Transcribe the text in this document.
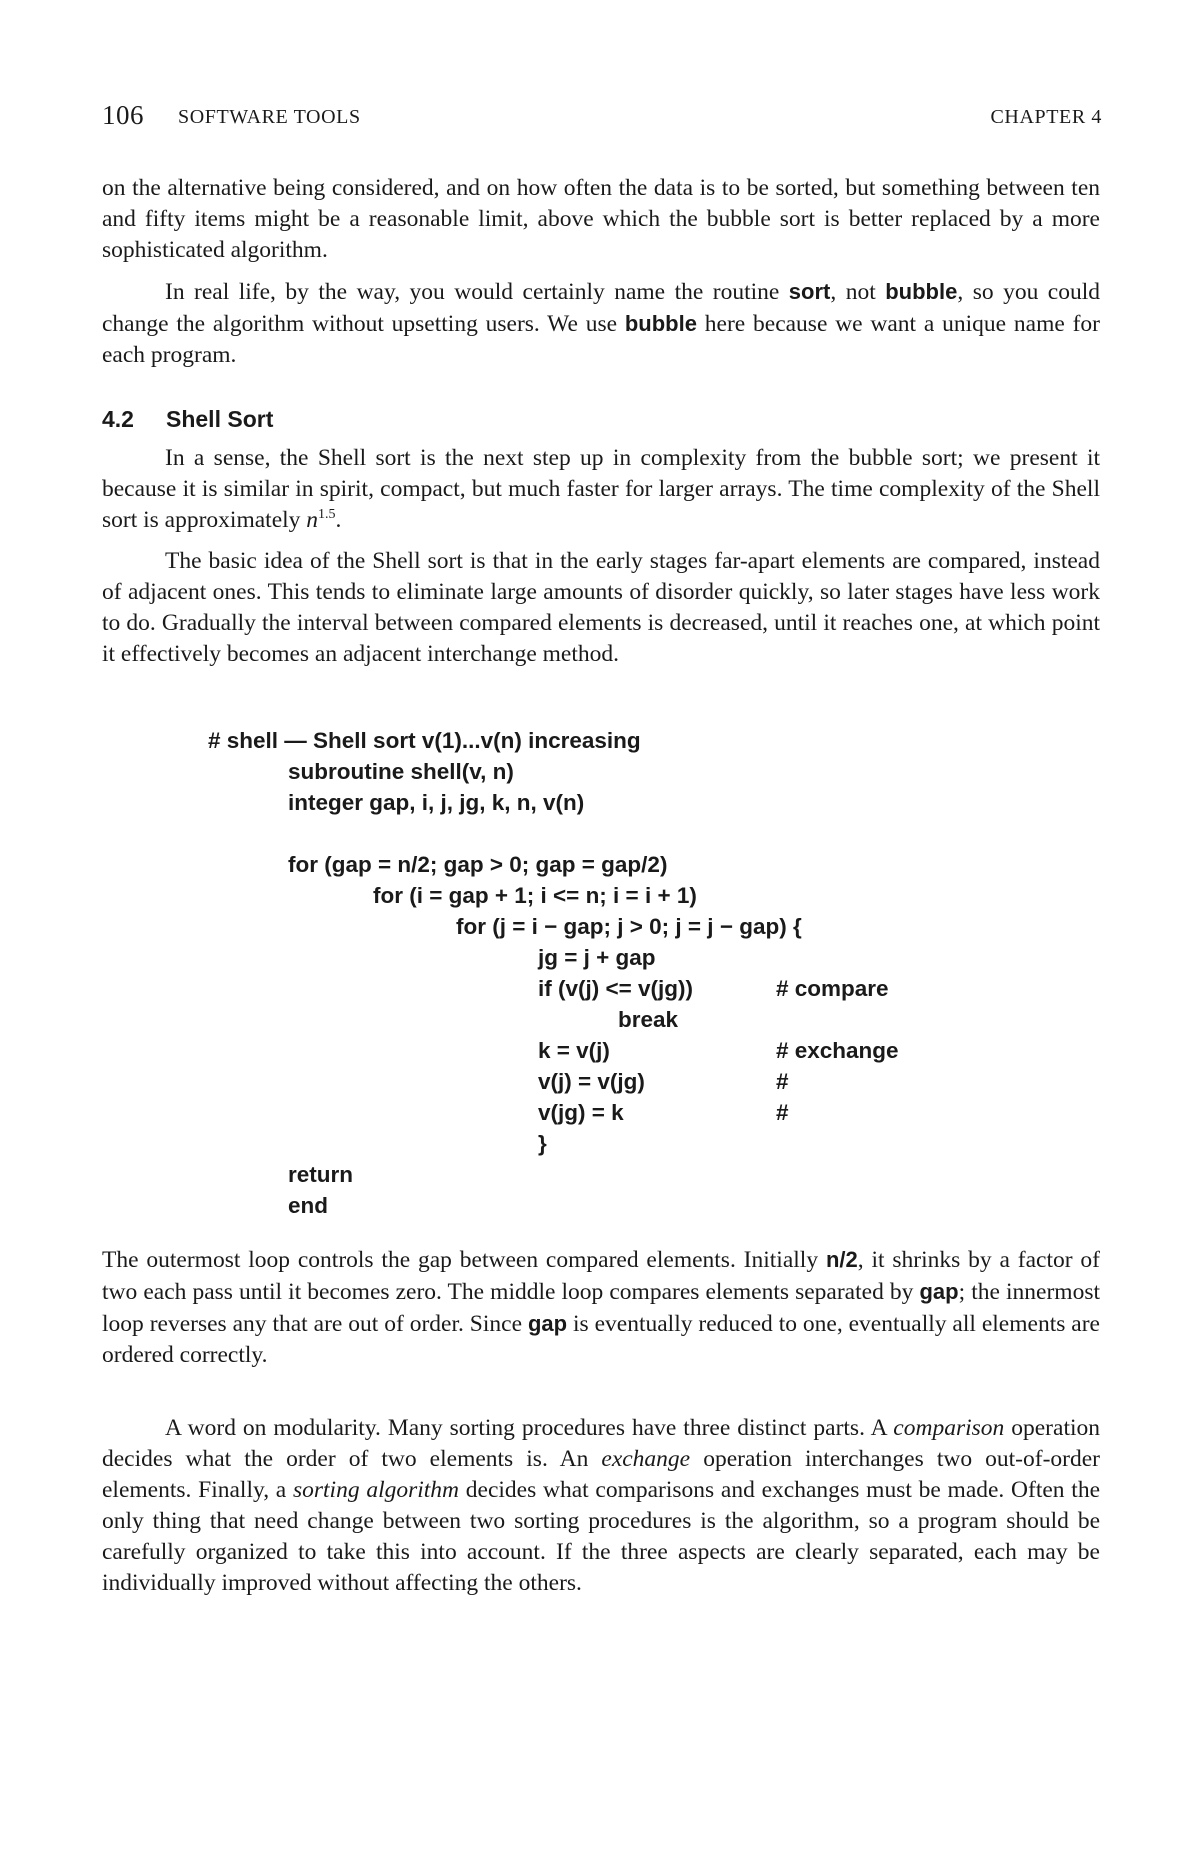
106 SOFTWARE TOOLS	CHAPTER 4

on the alternative being considered, and on how often the data is to be sorted, but something between ten and fifty items might be a reasonable limit, above which the bubble sort is better replaced by a more sophisticated algorithm.

In real life, by the way, you would certainly name the routine sort, not bubble, so you could change the algorithm without upsetting users. We use bubble here because we want a unique name for each program.

4.2 Shell Sort

In a sense, the Shell sort is the next step up in complexity from the bubble sort; we present it because it is similar in spirit, compact, but much faster for larger arrays. The time complexity of the Shell sort is approximately $n^{1.5}$.

The basic idea of the Shell sort is that in the early stages far-apart elements are compared, instead of adjacent ones. This tends to eliminate large amounts of disorder quickly, so later stages have less work to do. Gradually the interval between compared elements is decreased, until it reaches one, at which point it effectively becomes an adjacent interchange method.

# shell — Shell sort v(1)...v(n) increasing
subroutine shell(v, n)
integer gap, i, j, jg, k, n, v(n)
for (gap = n/2; gap > 0; gap = gap/2)
for (i = gap + 1; i <= n; i = i + 1)
for (j = i − gap; j > 0; j = j − gap) {
jg = j + gap
if (v(j) <= v(jg))	# compare
break
k = v(j)	# exchange
v(j) = v(jg)	#
v(jg) = k	#
}
return
end

The outermost loop controls the gap between compared elements. Initially n/2, it shrinks by a factor of two each pass until it becomes zero. The middle loop compares elements separated by gap; the innermost loop reverses any that are out of order. Since gap is eventually reduced to one, eventually all elements are ordered correctly.

A word on modularity. Many sorting procedures have three distinct parts. A comparison operation decides what the order of two elements is. An exchange operation interchanges two out-of-order elements. Finally, a sorting algorithm decides what comparisons and exchanges must be made. Often the only thing that need change between two sorting procedures is the algorithm, so a program should be carefully organized to take this into account. If the three aspects are clearly separated, each may be individually improved without affecting the others.
